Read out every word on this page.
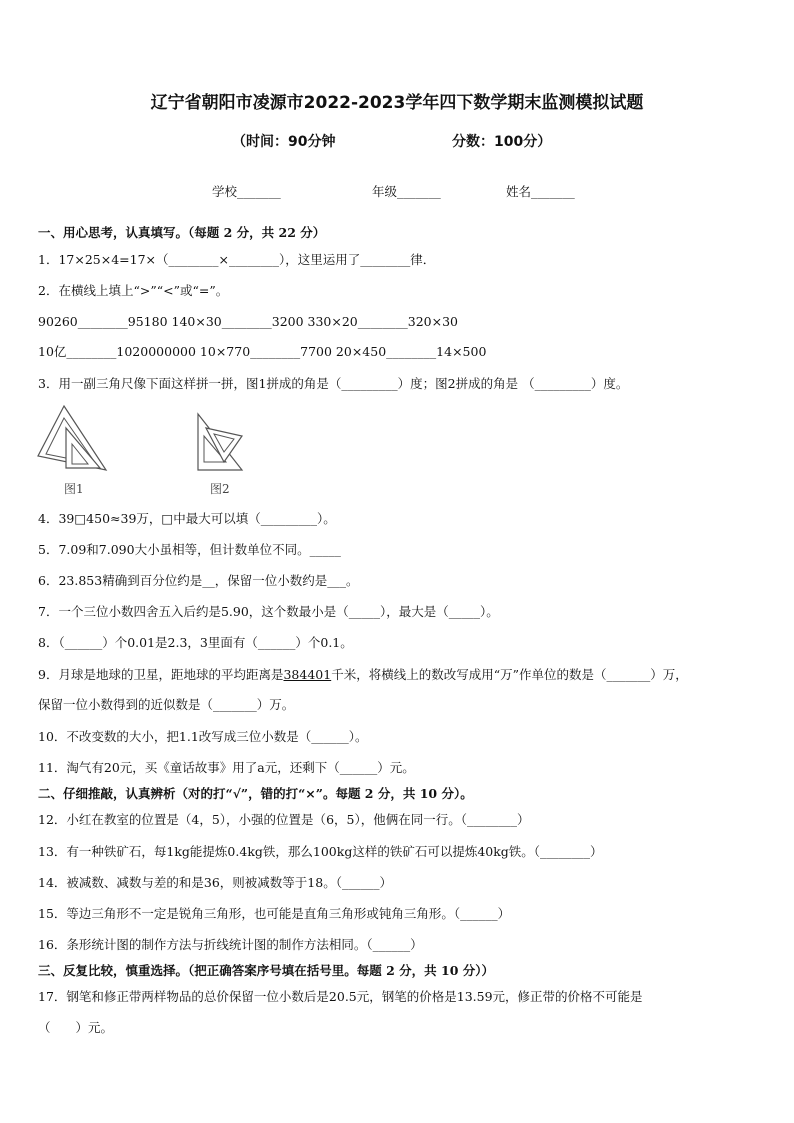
辽宁省朝阳市凌源市2022-2023学年四下数学期末监测模拟试题
（时间：90分钟	分数：100分）
学校_______	年级_______	姓名_______
一、用心思考，认真填写。（每题 2 分，共 22 分）
1．17×25×4=17×（________×________），这里运用了________律．
2．在横线上填上“>”“<”或“=”。
90260________95180 140×30________3200 330×20________320×30
10亿________1020000000 10×770________7700 20×450________14×500
3．用一副三角尺像下面这样拼一拼，图1拼成的角是（_________）度；图2拼成的角是 （_________）度。
图1	图2
4．39□450≈39万，□中最大可以填（_________）。
5．7.09和7.090大小虽相等，但计数单位不同。_____
6．23.853精确到百分位约是__，保留一位小数约是___。
7．一个三位小数四舍五入后约是5.90，这个数最小是（_____），最大是（_____）。
8．（______）个0.01是2.3，3里面有（______）个0.1。
9．月球是地球的卫星，距地球的平均距离是384401千米，将横线上的数改写成用“万”作单位的数是（_______）万，
保留一位小数得到的近似数是（_______）万。
10．不改变数的大小，把1.1改写成三位小数是（______）。
11．淘气有20元，买《童话故事》用了a元，还剩下（______）元。
二、仔细推敲，认真辨析（对的打“√”，错的打“×”。每题 2 分，共 10 分）。
12．小红在教室的位置是（4，5），小强的位置是（6，5），他俩在同一行。（________）
13．有一种铁矿石，每1kg能提炼0.4kg铁，那么100kg这样的铁矿石可以提炼40kg铁。（________）
14．被减数、减数与差的和是36，则被减数等于18。（______）
15．等边三角形不一定是锐角三角形，也可能是直角三角形或钝角三角形。（______）
16．条形统计图的制作方法与折线统计图的制作方法相同。（______）
三、反复比较，慎重选择。（把正确答案序号填在括号里。每题 2 分，共 10 分））
17．钢笔和修正带两样物品的总价保留一位小数后是20.5元，钢笔的价格是13.59元，修正带的价格不可能是
（　　）元。
